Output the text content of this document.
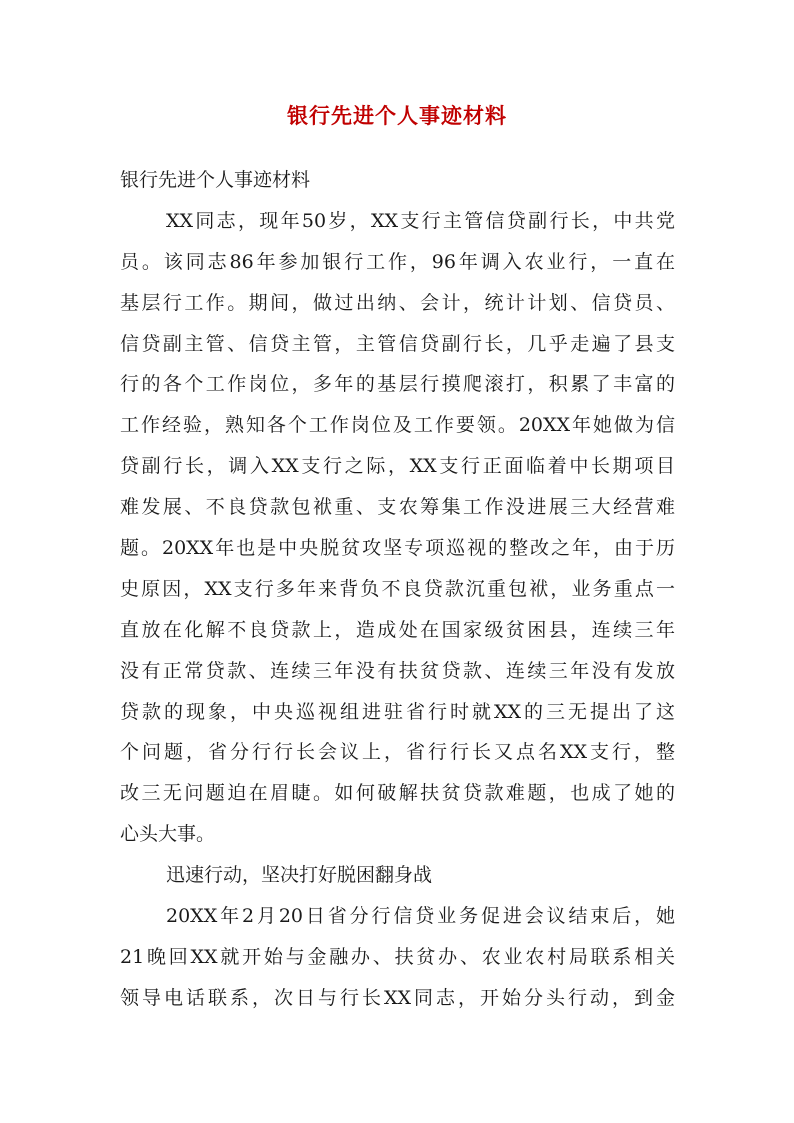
银行先进个人事迹材料
银行先进个人事迹材料
XX同志，现年50岁，XX支行主管信贷副行长，中共党
员。该同志86年参加银行工作，96年调入农业行，一直在
基层行工作。期间，做过出纳、会计，统计计划、信贷员、
信贷副主管、信贷主管，主管信贷副行长，几乎走遍了县支
行的各个工作岗位，多年的基层行摸爬滚打，积累了丰富的
工作经验，熟知各个工作岗位及工作要领。20XX年她做为信
贷副行长，调入XX支行之际，XX支行正面临着中长期项目
难发展、不良贷款包袱重、支农筹集工作没进展三大经营难
题。20XX年也是中央脱贫攻坚专项巡视的整改之年，由于历
史原因，XX支行多年来背负不良贷款沉重包袱，业务重点一
直放在化解不良贷款上，造成处在国家级贫困县，连续三年
没有正常贷款、连续三年没有扶贫贷款、连续三年没有发放
贷款的现象，中央巡视组进驻省行时就XX的三无提出了这
个问题，省分行行长会议上，省行行长又点名XX支行，整
改三无问题迫在眉睫。如何破解扶贫贷款难题，也成了她的
心头大事。
迅速行动，坚决打好脱困翻身战
20XX年2月20日省分行信贷业务促进会议结束后，她
21晚回XX就开始与金融办、扶贫办、农业农村局联系相关
领导电话联系，次日与行长XX同志，开始分头行动，到金
